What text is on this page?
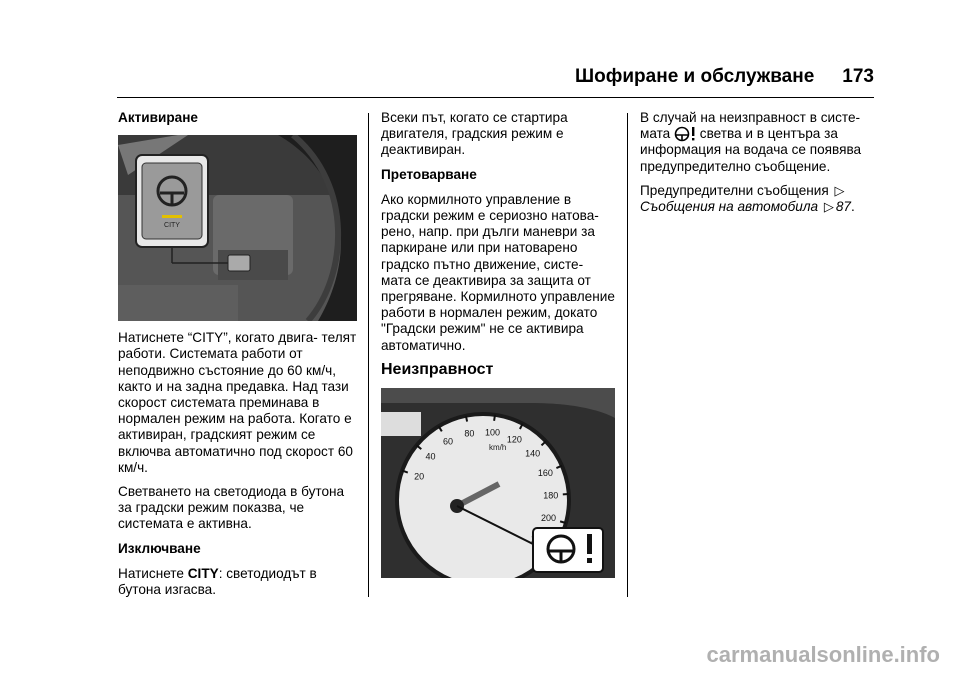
Шофиране и обслужване 173
Активиране
CITY

Натиснете “CITY”, когато двига- телят работи. Системата работи от неподвижно състояние до 60 км/ч, както и на задна предавка. Над тази скорост системата преминава в нормален режим на работа. Когато е активиран, градският режим се включва автоматично под скорост 60 км/ч.

Светването на светодиода в бутона за градски режим показва, че системата е активна.

Изключване

Натиснете CITY: светодиодът в бутона изгасва.

Всеки път, когато се стартира двигателя, градския режим е деактивиран.

Претоварване

Ако кормилното управление в градски режим е сериозно натова- рено, напр. при дълги маневри за паркиране или при натоварено градско пътно движение, систе- мата се деактивира за защита от прегряване. Кормилното управление работи в нормален режим, докато "Градски режим" не се активира автоматично.

Неизправност
20
40
60
80 100
120
140
160
180
200
km/h

В случай на неизправност в систе- мата  светва и в центъра за информация на водача се появява предупредително съобщение.

Предупредителни съобщения ▷
Съобщения на автомобила ▷ 87.

carmanualsonline.info
